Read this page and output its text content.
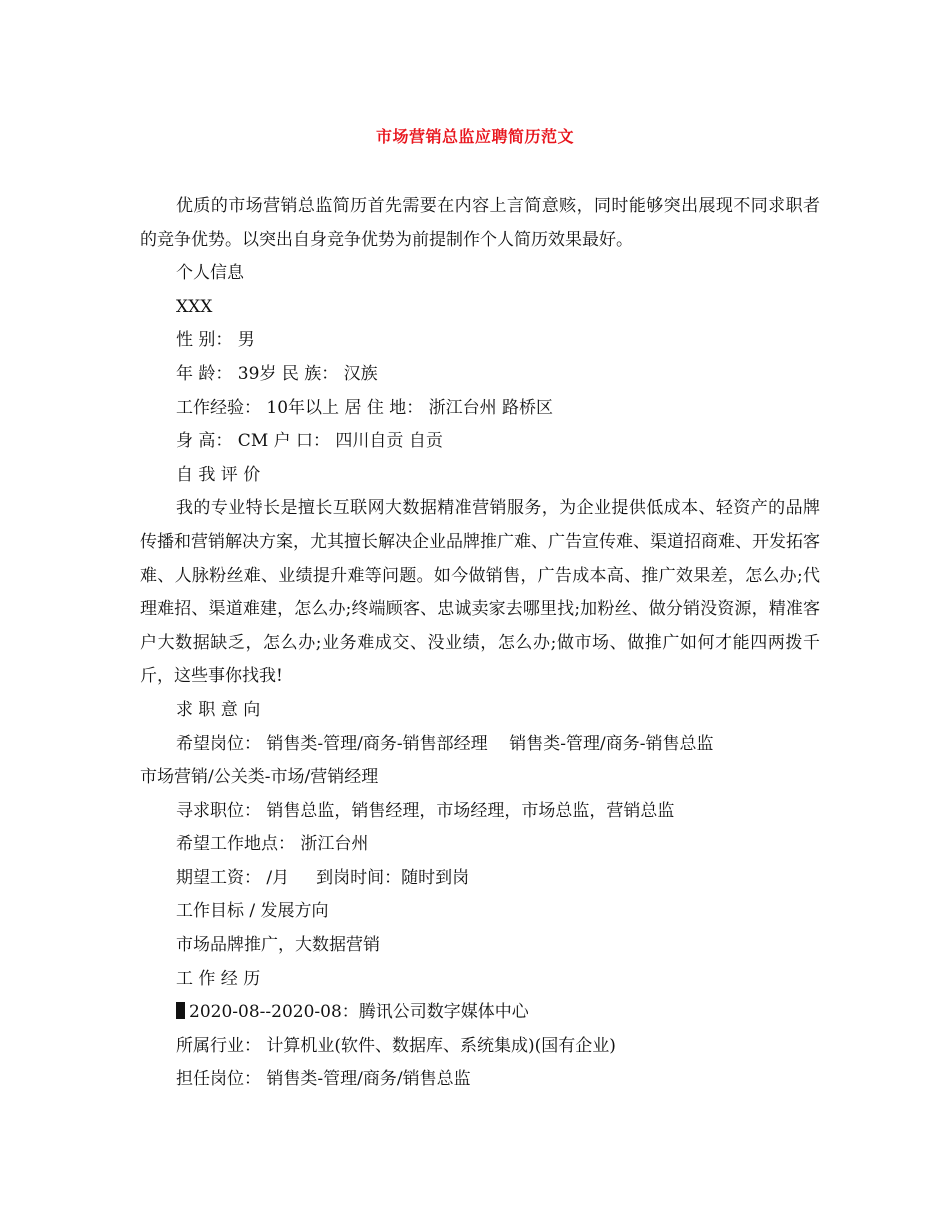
市场营销总监应聘简历范文

优质的市场营销总监简历首先需要在内容上言简意赅，同时能够突出展现不同求职者的竞争优势。以突出自身竞争优势为前提制作个人简历效果最好。

个人信息

XXX

性 别： 男

年 龄： 39岁 民 族： 汉族

工作经验： 10年以上 居 住 地： 浙江台州 路桥区

身 高： CM 户 口： 四川自贡 自贡

自 我 评 价

我的专业特长是擅长互联网大数据精准营销服务，为企业提供低成本、轻资产的品牌传播和营销解决方案，尤其擅长解决企业品牌推广难、广告宣传难、渠道招商难、开发拓客难、人脉粉丝难、业绩提升难等问题。如今做销售，广告成本高、推广效果差，怎么办;代理难招、渠道难建，怎么办;终端顾客、忠诚卖家去哪里找;加粉丝、做分销没资源，精准客户大数据缺乏，怎么办;业务难成交、没业绩，怎么办;做市场、做推广如何才能四两拨千斤，这些事你找我!

求 职 意 向

希望岗位： 销售类-管理/商务-销售部经理    销售类-管理/商务-销售总监

市场营销/公关类-市场/营销经理

寻求职位： 销售总监，销售经理，市场经理，市场总监，营销总监

希望工作地点： 浙江台州

期望工资： /月     到岗时间：随时到岗

工作目标 / 发展方向

市场品牌推广，大数据营销

工 作 经 历

2020-08--2020-08：腾讯公司数字媒体中心

所属行业： 计算机业(软件、数据库、系统集成)(国有企业)

担任岗位： 销售类-管理/商务/销售总监
